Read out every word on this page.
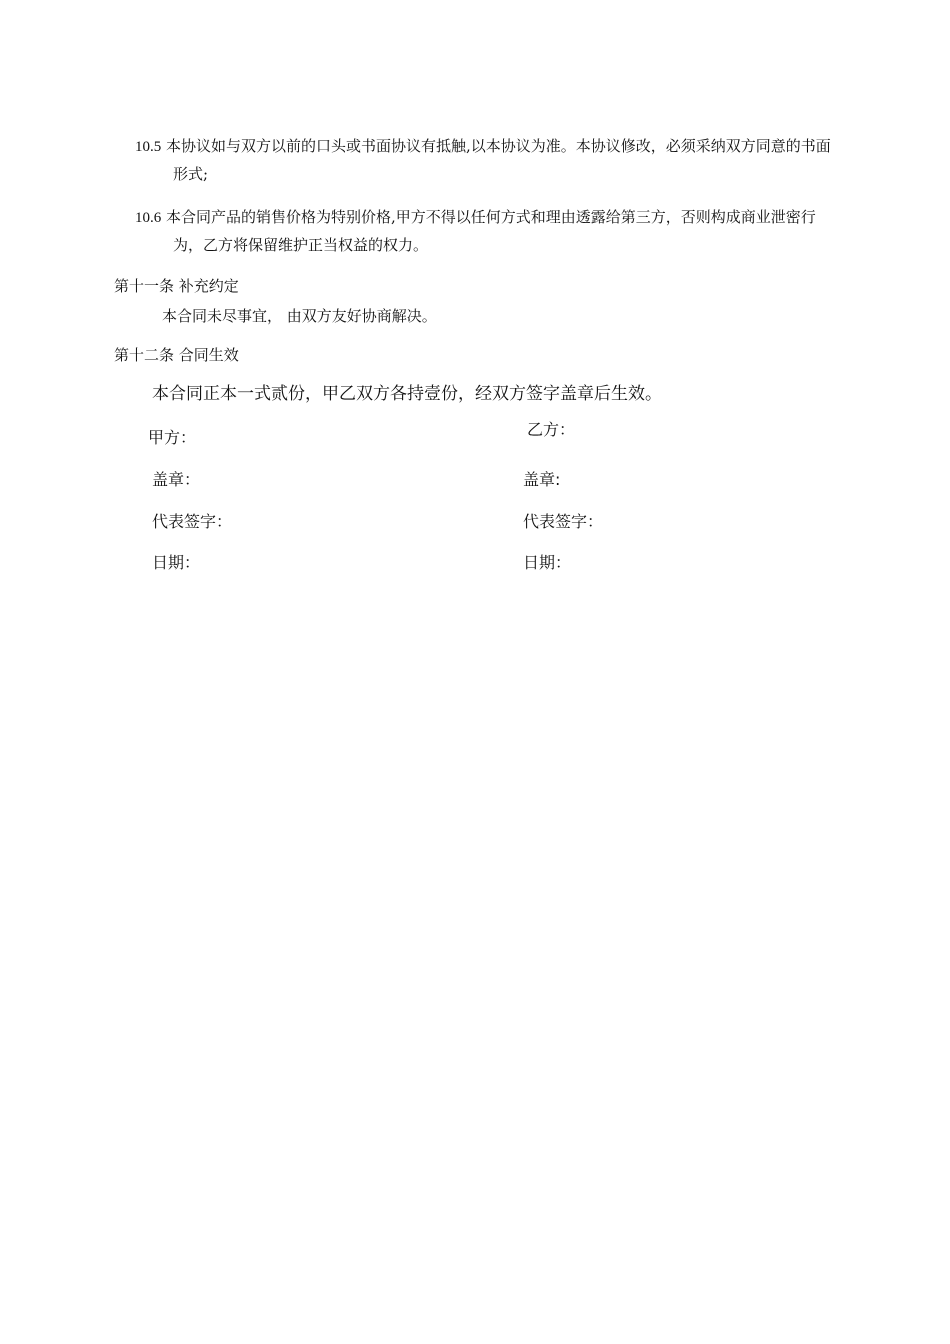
10.5 本协议如与双方以前的口头或书面协议有抵触,以本协议为准。本协议修改，必须采纳双方同意的书面形式;
10.6 本合同产品的销售价格为特别价格,甲方不得以任何方式和理由透露给第三方，否则构成商业泄密行为，乙方将保留维护正当权益的权力。
第十一条 补充约定
本合同未尽事宜， 由双方友好协商解决。
第十二条 合同生效
本合同正本一式贰份，甲乙双方各持壹份，经双方签字盖章后生效。
甲方：	乙方：
盖章：	盖章:
代表签字：	代表签字：
日期：	日期：
